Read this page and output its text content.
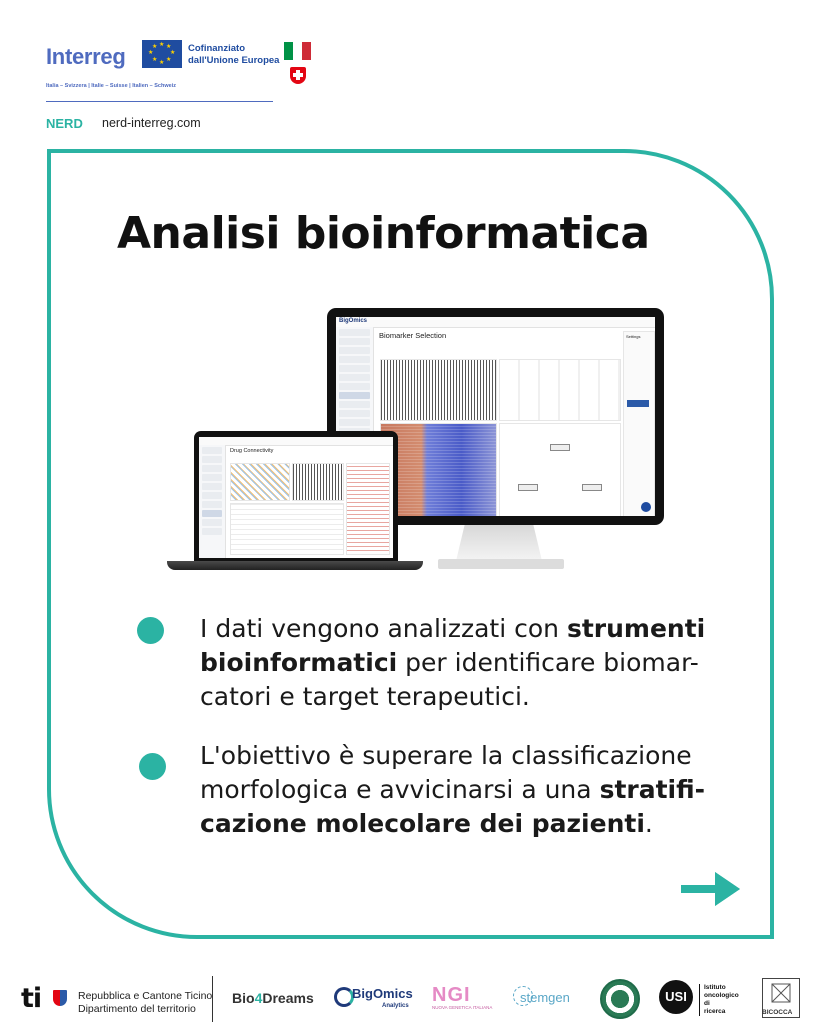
Interreg	★ ★
★
★
★
★
★
★	Cofinanziato
dall'Unione Europea
Italia – Svizzera | Italie – Suisse | Italien – Schweiz
NERD nerd-interreg.com
Analisi bioinformatica
BigOmics
Biomarker Selection	Settings
Drug Connectivity
I dati vengono analizzati con strumenti bioinformatici per identificare biomar-
catori e target terapeutici.
L'obiettivo è superare la classificazione
morfologica e avvicinarsi a una stratifi-
cazione molecolare dei pazienti.
ti	Repubblica e Cantone Ticino
Dipartimento del territorio
Bio4Dreams	BigOmics
Analytics NGI
NUOVA GENETICA ITALIANA
stemgen	USI
Istituto
oncologico
di
ricerca	BICOCCA
